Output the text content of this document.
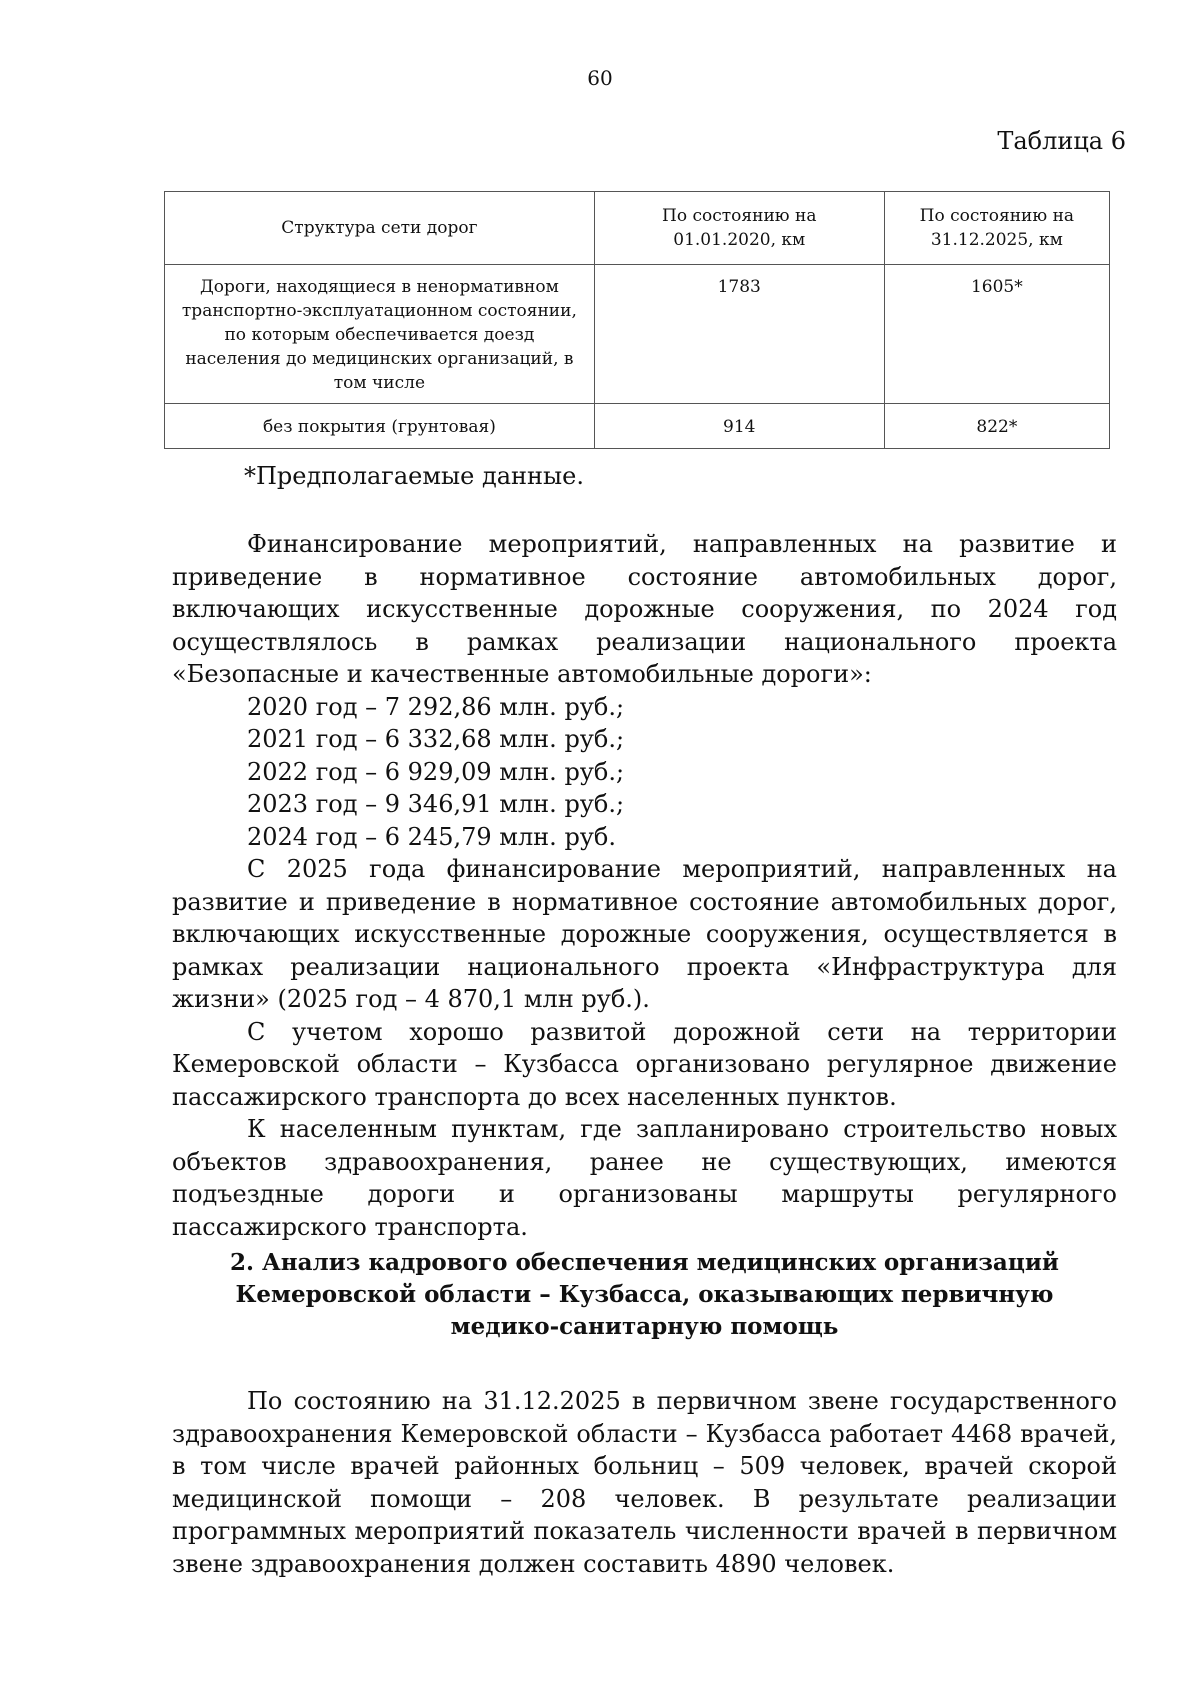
60
Таблица 6
Структура сети дорог	По состоянию на 01.01.2020, км	По состоянию на 31.12.2025, км
Дороги, находящиеся в ненормативном транспортно-эксплуатационном состоянии, по которым обеспечивается доезд населения до медицинских организаций, в том числе	1783	1605*
без покрытия (грунтовая)	914	822*
*Предполагаемые данные.

Финансирование мероприятий, направленных на развитие и приведение в нормативное состояние автомобильных дорог, включающих искусственные дорожные сооружения, по 2024 год осуществлялось в рамках реализации национального проекта «Безопасные и качественные автомобильные дороги»:

2020 год – 7 292,86 млн. руб.;

2021 год – 6 332,68 млн. руб.;

2022 год – 6 929,09 млн. руб.;

2023 год – 9 346,91 млн. руб.;

2024 год – 6 245,79 млн. руб.

С 2025 года финансирование мероприятий, направленных на развитие и приведение в нормативное состояние автомобильных дорог, включающих искусственные дорожные сооружения, осуществляется в рамках реализации национального проекта «Инфраструктура для жизни» (2025 год – 4 870,1 млн руб.).

С учетом хорошо развитой дорожной сети на территории Кемеровской области – Кузбасса организовано регулярное движение пассажирского транспорта до всех населенных пунктов.

К населенным пунктам, где запланировано строительство новых объектов здравоохранения, ранее не существующих, имеются подъездные дороги и организованы маршруты регулярного пассажирского транспорта.

2. Анализ кадрового обеспечения медицинских организаций
Кемеровской области – Кузбасса, оказывающих первичную
медико-санитарную помощь

По состоянию на 31.12.2025 в первичном звене государственного здравоохранения Кемеровской области – Кузбасса работает 4468 врачей, в том числе врачей районных больниц – 509 человек, врачей скорой медицинской помощи – 208 человек. В результате реализации программных мероприятий показатель численности врачей в первичном звене здравоохранения должен составить 4890 человек.
